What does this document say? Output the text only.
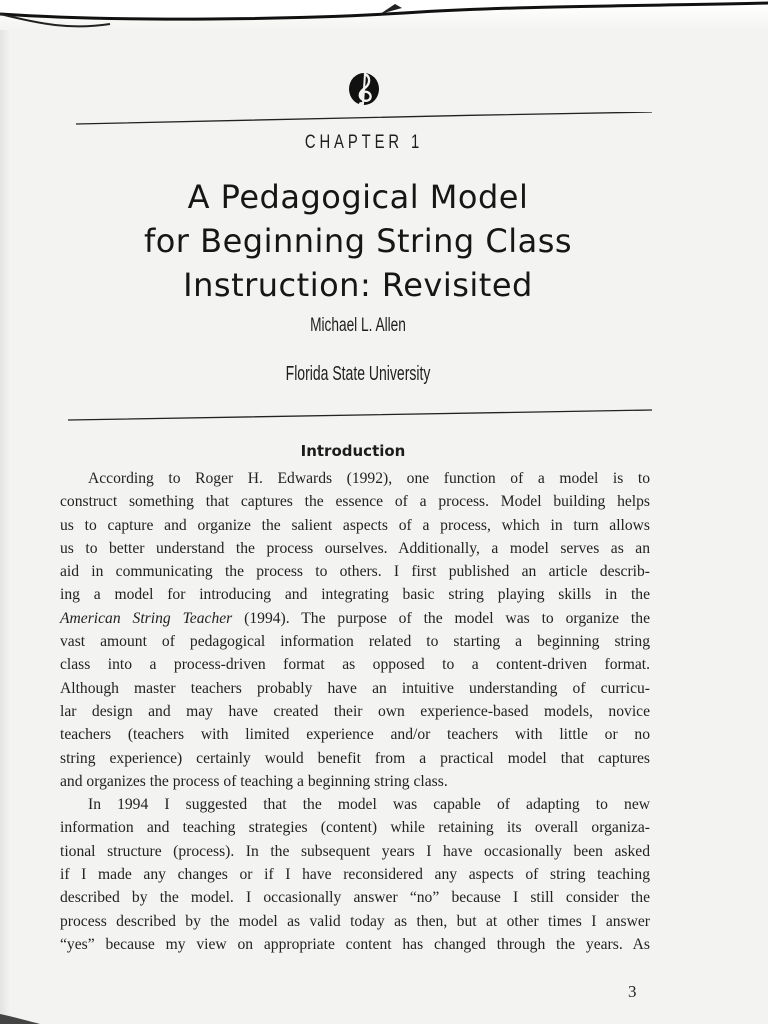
CHAPTER 1
A Pedagogical Model
for Beginning String Class
Instruction: Revisited
Michael L. Allen
Florida State University
Introduction
According to Roger H. Edwards (1992), one function of a model is to
construct something that captures the essence of a process. Model building helps
us to capture and organize the salient aspects of a process, which in turn allows
us to better understand the process ourselves. Additionally, a model serves as an
aid in communicating the process to others. I first published an article describ-
ing a model for introducing and integrating basic string playing skills in the
American String Teacher (1994). The purpose of the model was to organize the
vast amount of pedagogical information related to starting a beginning string
class into a process-driven format as opposed to a content-driven format.
Although master teachers probably have an intuitive understanding of curricu-
lar design and may have created their own experience-based models, novice
teachers (teachers with limited experience and/or teachers with little or no
string experience) certainly would benefit from a practical model that captures
and organizes the process of teaching a beginning string class.
In 1994 I suggested that the model was capable of adapting to new
information and teaching strategies (content) while retaining its overall organiza-
tional structure (process). In the subsequent years I have occasionally been asked
if I made any changes or if I have reconsidered any aspects of string teaching
described by the model. I occasionally answer “no” because I still consider the
process described by the model as valid today as then, but at other times I answer
“yes” because my view on appropriate content has changed through the years. As
3
